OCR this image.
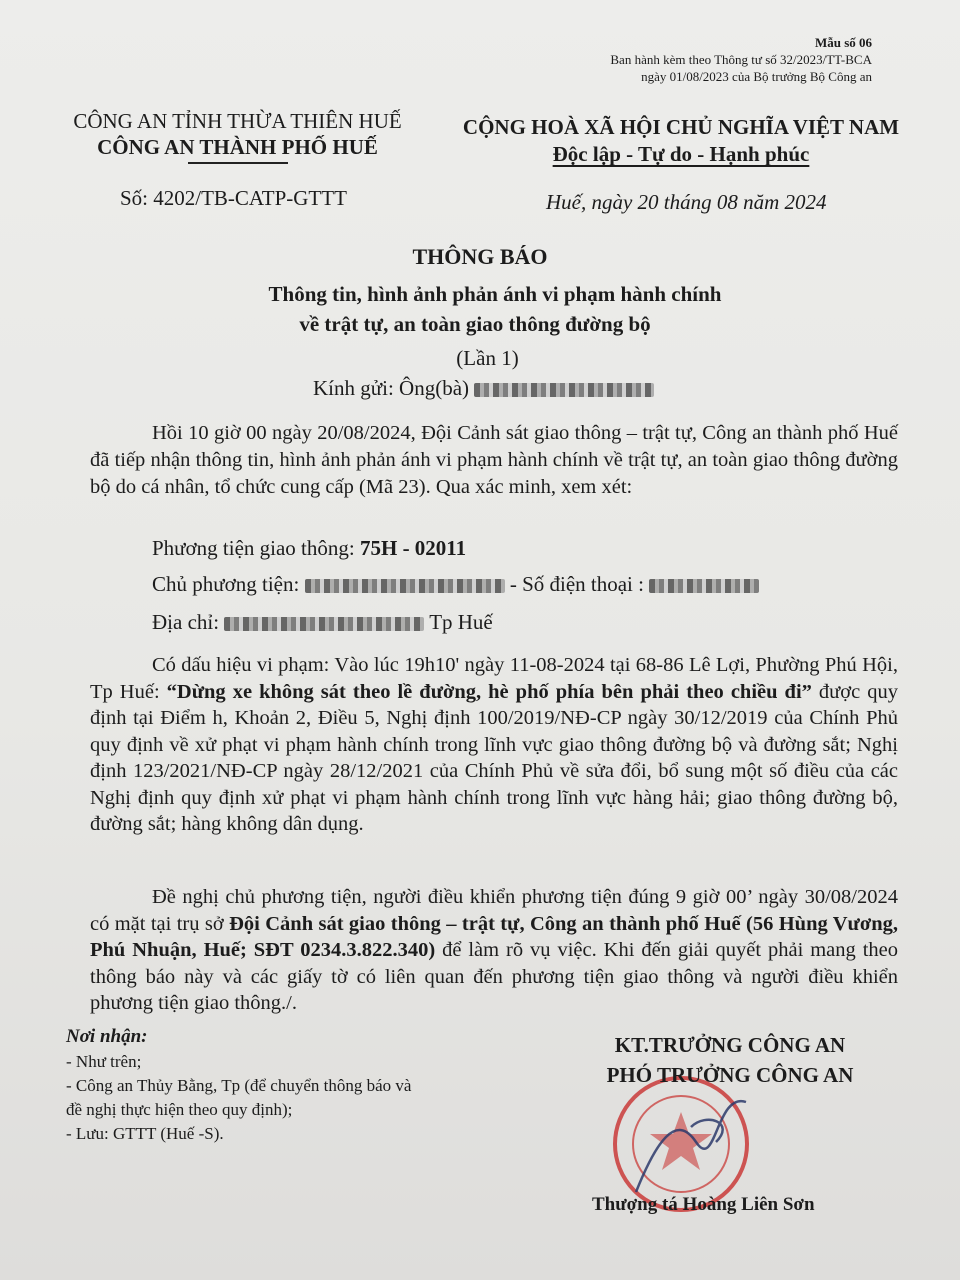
Mẫu số 06
Ban hành kèm theo Thông tư số 32/2023/TT-BCA
ngày 01/08/2023 của Bộ trưởng Bộ Công an
CÔNG AN TỈNH THỪA THIÊN HUẾ
CÔNG AN THÀNH PHỐ HUẾ
CỘNG HOÀ XÃ HỘI CHỦ NGHĨA VIỆT NAM
Độc lập - Tự do - Hạnh phúc
Số: 4202/TB-CATP-GTTT	Huế, ngày 20 tháng 08 năm 2024
THÔNG BÁO
Thông tin, hình ảnh phản ánh vi phạm hành chính
về trật tự, an toàn giao thông đường bộ
(Lần 1)
Kính gửi: Ông(bà)

Hồi 10 giờ 00 ngày 20/08/2024, Đội Cảnh sát giao thông – trật tự, Công an thành phố Huế đã tiếp nhận thông tin, hình ảnh phản ánh vi phạm hành chính về trật tự, an toàn giao thông đường bộ do cá nhân, tổ chức cung cấp (Mã 23). Qua xác minh, xem xét:

Phương tiện giao thông: 75H - 02011
Chủ phương tiện:	- Số điện thoại :
Địa chỉ:	Tp Huế

Có dấu hiệu vi phạm: Vào lúc 19h10' ngày 11-08-2024 tại 68-86 Lê Lợi, Phường Phú Hội, Tp Huế: “Dừng xe không sát theo lề đường, hè phố phía bên phải theo chiều đi” được quy định tại Điểm h, Khoản 2, Điều 5, Nghị định 100/2019/NĐ-CP ngày 30/12/2019 của Chính Phủ quy định về xử phạt vi phạm hành chính trong lĩnh vực giao thông đường bộ và đường sắt; Nghị định 123/2021/NĐ-CP ngày 28/12/2021 của Chính Phủ về sửa đổi, bổ sung một số điều của các Nghị định quy định xử phạt vi phạm hành chính trong lĩnh vực hàng hải; giao thông đường bộ, đường sắt; hàng không dân dụng.

Đề nghị chủ phương tiện, người điều khiển phương tiện đúng 9 giờ 00’ ngày 30/08/2024 có mặt tại trụ sở Đội Cảnh sát giao thông – trật tự, Công an thành phố Huế (56 Hùng Vương, Phú Nhuận, Huế; SĐT 0234.3.822.340) để làm rõ vụ việc. Khi đến giải quyết phải mang theo thông báo này và các giấy tờ có liên quan đến phương tiện giao thông và người điều khiển phương tiện giao thông./.

Nơi nhận:
- Như trên;
- Công an Thủy Bằng, Tp (để chuyển thông báo và
đề nghị thực hiện theo quy định);
- Lưu: GTTT (Huế -S).
KT.TRƯỞNG CÔNG AN
PHÓ TRƯỞNG CÔNG AN
Thượng tá Hoàng Liên Sơn
